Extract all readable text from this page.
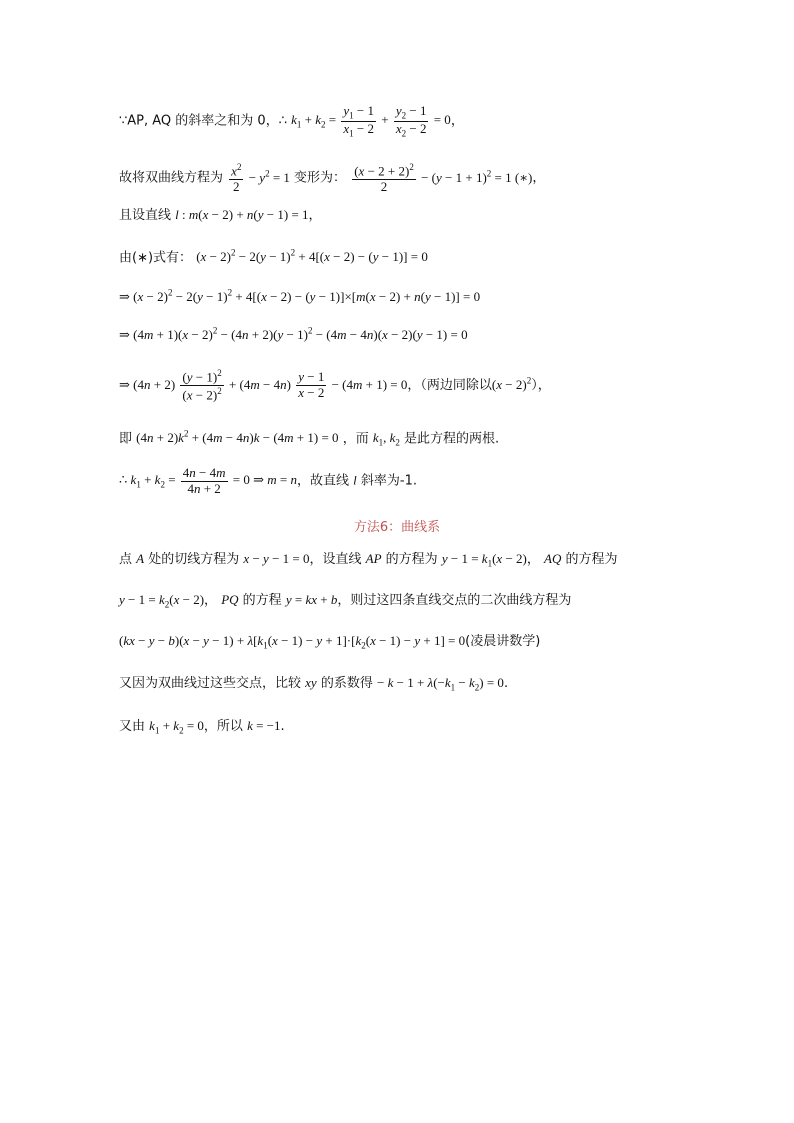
∵AP, AQ 的斜率之和为 0，∴ $k_1 + k_2 = \frac{y_1 - 1}{x_1 - 2} + \frac{y_2 - 1}{x_2 - 2} = 0$，
故将双曲线方程为 $\frac{x^2}{2} - y^2 = 1$ 变形为： $\frac{(x - 2 + 2)^2}{2} - (y - 1 + 1)^2 = 1$ (∗)，
且设直线 l : m(x − 2) + n(y − 1) = 1，
由(∗)式有： $(x - 2)^2 - 2(y - 1)^2 + 4[(x - 2) - (y - 1)] = 0$
⇒ $(x - 2)^2 - 2(y - 1)^2 + 4[(x - 2) - (y - 1)]\times[m(x - 2) + n(y - 1)] = 0$
⇒ $(4m + 1)(x - 2)^2 - (4n + 2)(y - 1)^2 - (4m - 4n)(x - 2)(y - 1) = 0$
⇒ $(4n + 2) \frac{(y - 1)^2}{(x - 2)^2} + (4m - 4n) \frac{y - 1}{x - 2} - (4m + 1) = 0$，（两边同除以$(x - 2)^2$），
即 $(4n + 2)k^2 + (4m - 4n)k - (4m + 1) = 0$ ，而 $k_1$, $k_2$ 是此方程的两根.
∴ $k_1 + k_2 = \frac{4n - 4m}{4n + 2} = 0$ ⇒ m = n，故直线 l 斜率为-1.
方法6：曲线系
点 A 处的切线方程为 x − y − 1 = 0，设直线 AP 的方程为 $y - 1 = k_1(x - 2)$， AQ 的方程为
$y - 1 = k_2(x - 2)$， PQ 的方程 y = kx + b，则过这四条直线交点的二次曲线方程为
$(kx - y - b)(x - y - 1) + \lambda[k_1(x - 1) - y + 1]\cdot[k_2(x - 1) - y + 1] = 0$(凌晨讲数学)
又因为双曲线过这些交点，比较 xy 的系数得 − $k - 1 + \lambda(-k_1 - k_2) = 0$.
又由 $k_1 + k_2 = 0$，所以 k = −1.
